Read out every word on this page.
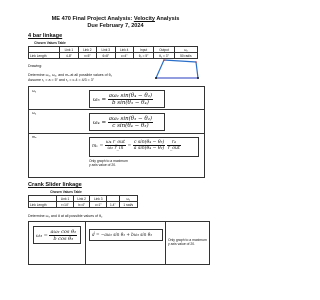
ME 470 Final Project Analysis: Velocity Analysis
Due February 7, 2024
4 bar linkage
Chosen Values Table
	Link 1	Link 2	Link 3	Link 4	Input	Output	ω₂
Link Length	4-8"	x=5"	6=8"	c=4"	θ₂ = 5°	θ₄ = 3°	50 rad/s
Drawing:
Determine ω₃, ω₄, and mₐ at all possible values of θ₂
Assume r₁ = a = 5" and r₂ = c-4 = 4/3 = 3"
ω₃
$\omega_3 = \frac{\text{aω₂ sin(θ₄ − θ₂)}}{\text{b sin(θ₃ − θ₄)}}$
ω₄
$\omega_4 = \frac{\text{aω₂ sin(θ₃ − θ₂)}}{\text{c sin(θ₄ − θ₃)}}$
mₐ
mᵥ = $\frac{\text{ω₄ r\_out}}{\text{ω₂ r\_in}} = \frac{\text{c sin(θ₄ − θ₃)}}{\text{a sin(θ₄ − θ₂)}}$
$\frac{\text{r₄}}{\text{r\_out}}$
Only graph to a maximum
y axis value of 20.
Crank Slider linkage
Chosen Values Table
	Link 1	Link 2	Link 3		ω₂
Link Length	r=14"	b=4"	c=1"	1.4"	1 rad/s
Determine ω₃ and ḋ at all possible values of θ₂
$\omega_3 = \frac{\text{aω₂ cos θ₂}}{\text{b cos θ₃}}$	ḋ = −aω₂ sin θ₂ + bω₃ sin θ₃
Only graph to a maximum
y axis value of 20.
